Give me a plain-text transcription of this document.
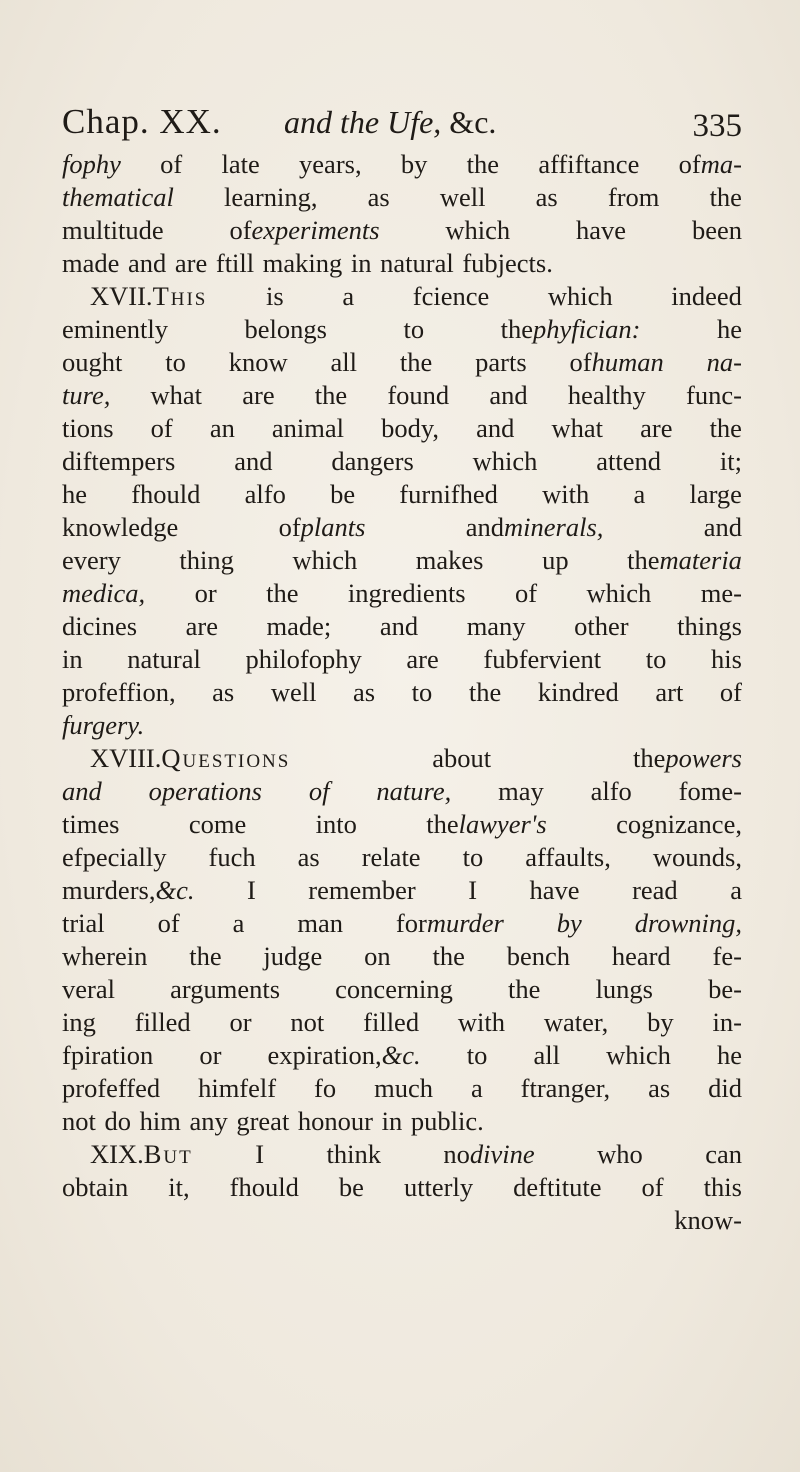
Chap. XX. and the Ufe, &c.	335
fophy of late years, by the affiftance ofma-
thematical learning, as well as from the
multitude ofexperiments which have been
made and are ftill making in natural fubjects.
XVII.This is a fcience which indeed
eminently	belongs	to	thephyfician:	he
ought to know all the parts ofhuman na-
ture, what are the found and healthy func-
tions of an animal body, and what are the
diftempers and dangers which attend it;
he fhould alfo be furnifhed with a large
knowledge	ofplants	andminerals,	and
every thing which makes up themateria
medica, or the ingredients of which me-
dicines are made; and many other things
in natural philofophy are fubfervient to his
profeffion, as well as to the kindred art of
furgery.
XVIII.Questions	about	thepowers
and operations of nature, may alfo fome-
times	come	into	thelawyer's	cognizance,
efpecially fuch as relate to affaults, wounds,
murders,&c. I remember I have read a
trial of a man formurder by drowning,
wherein the judge on the bench heard fe-
veral arguments concerning the lungs be-
ing filled or not filled with water, by in-
fpiration or expiration,&c. to all which he
profeffed himfelf fo much a ftranger, as did
not do him any great honour in public.
XIX.But I think nodivine who can
obtain it, fhould be utterly deftitute of this
know-
